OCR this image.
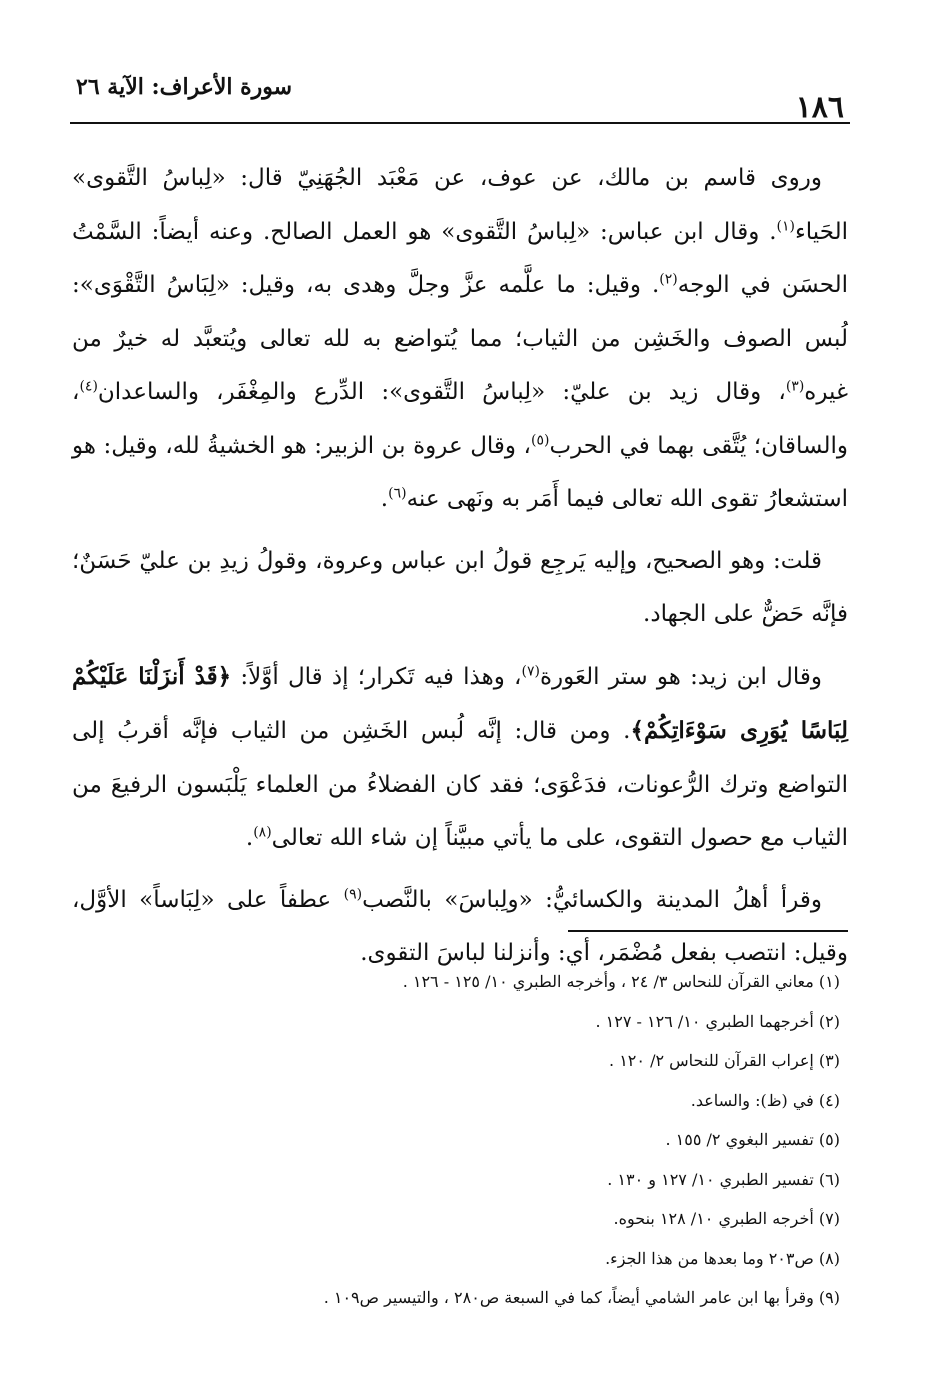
١٨٦
سورة الأعراف: الآية ٢٦

وروى قاسم بن مالك، عن عوف، عن مَعْبَد الجُهَنِيّ قال: «لِباسُ التَّقوى» الحَياء$^{(١)}$. وقال ابن عباس: «لِباسُ التَّقوى» هو العمل الصالح. وعنه أيضاً: السَّمْتُ الحسَن في الوجه$^{(٢)}$. وقيل: ما علَّمه عزَّ وجلَّ وهدى به، وقيل: «لِبَاسُ التَّقْوَى»: لُبس الصوف والخَشِن من الثياب؛ مما يُتواضع به لله تعالى ويُتعبَّد له خيرٌ من غيره$^{(٣)}$، وقال زيد بن عليّ: «لِباسُ التَّقوى»: الدِّرع والمِغْفَر، والساعدان$^{(٤)}$، والساقان؛ يُتَّقى بهما في الحرب$^{(٥)}$، وقال عروة بن الزبير: هو الخشيةُ لله، وقيل: هو استشعارُ تقوى الله تعالى فيما أَمَر به ونَهى عنه$^{(٦)}$.

قلت: وهو الصحيح، وإليه يَرجِع قولُ ابن عباس وعروة، وقولُ زيدِ بن عليّ حَسَنٌ؛ فإنَّه حَضٌّ على الجهاد.

وقال ابن زيد: هو ستر العَورة$^{(٧)}$، وهذا فيه تَكرار؛ إذ قال أوَّلاً: ﴿قَدْ أَنزَلْنَا عَلَيْكُمْ لِبَاسًا يُوَرِى سَوْءَاتِكُمْ﴾. ومن قال: إنَّه لُبس الخَشِن من الثياب فإنَّه أقربُ إلى التواضع وترك الرُّعونات، فدَعْوَى؛ فقد كان الفضلاءُ من العلماء يَلْبَسون الرفيعَ من الثياب مع حصول التقوى، على ما يأتي مبيَّناً إن شاء الله تعالى$^{(٨)}$.

وقرأ أهلُ المدينة والكسائيُّ: «ولِباسَ» بالنَّصب$^{(٩)}$ عطفاً على «لِبَاساً» الأوَّل، وقيل: انتصب بفعل مُضْمَر، أي: وأنزلنا لباسَ التقوى.

(١) معاني القرآن للنحاس ٣/ ٢٤ ، وأخرجه الطبري ١٠/ ١٢٥ - ١٢٦ .
(٢) أخرجهما الطبري ١٠/ ١٢٦ - ١٢٧ .
(٣) إعراب القرآن للنحاس ٢/ ١٢٠ .
(٤) في (ظ): والساعد.
(٥) تفسير البغوي ٢/ ١٥٥ .
(٦) تفسير الطبري ١٠/ ١٢٧ و ١٣٠ .
(٧) أخرجه الطبري ١٠/ ١٢٨ بنحوه.
(٨) ص٢٠٣ وما بعدها من هذا الجزء.
(٩) وقرأ بها ابن عامر الشامي أيضاً، كما في السبعة ص٢٨٠ ، والتيسير ص١٠٩ .
